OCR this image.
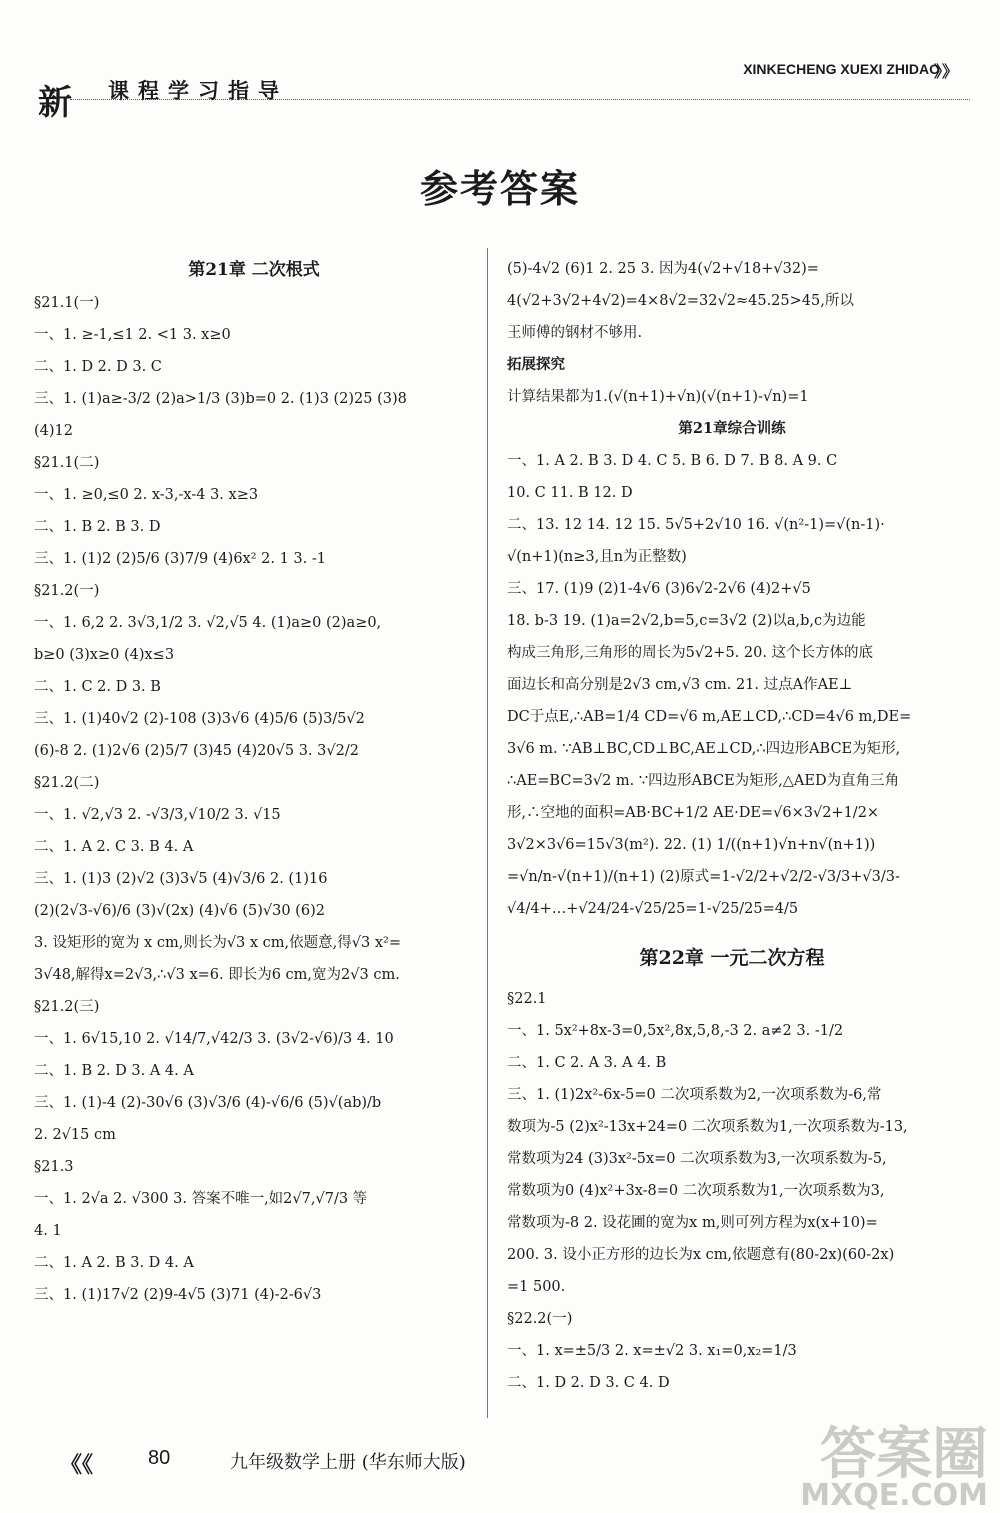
新 课程学习指导
XINKECHENG XUEXI ZHIDAO
》》
参考答案
第21章 二次根式
§21.1(一)
一、1. ≥-1,≤1 2. <1 3. x≥0
二、1. D 2. D 3. C
三、1. (1)a≥-3/2 (2)a>1/3 (3)b=0 2. (1)3 (2)25 (3)8
(4)12
§21.1(二)
一、1. ≥0,≤0 2. x-3,-x-4 3. x≥3
二、1. B 2. B 3. D
三、1. (1)2 (2)5/6 (3)7/9 (4)6x² 2. 1 3. -1
§21.2(一)
一、1. 6,2 2. 3√3,1/2 3. √2,√5 4. (1)a≥0 (2)a≥0,
b≥0 (3)x≥0 (4)x≤3
二、1. C 2. D 3. B
三、1. (1)40√2 (2)-108 (3)3√6 (4)5/6 (5)3/5√2
(6)-8 2. (1)2√6 (2)5/7 (3)45 (4)20√5 3. 3√2/2
§21.2(二)
一、1. √2,√3 2. -√3/3,√10/2 3. √15
二、1. A 2. C 3. B 4. A
三、1. (1)3 (2)√2 (3)3√5 (4)√3/6 2. (1)16
(2)(2√3-√6)/6 (3)√(2x) (4)√6 (5)√30 (6)2
3. 设矩形的宽为 x cm,则长为√3 x cm,依题意,得√3 x²=
3√48,解得x=2√3,∴√3 x=6. 即长为6 cm,宽为2√3 cm.
§21.2(三)
一、1. 6√15,10 2. √14/7,√42/3 3. (3√2-√6)/3 4. 10
二、1. B 2. D 3. A 4. A
三、1. (1)-4 (2)-30√6 (3)√3/6 (4)-√6/6 (5)√(ab)/b
2. 2√15 cm
§21.3
一、1. 2√a 2. √300 3. 答案不唯一,如2√7,√7/3 等
4. 1
二、1. A 2. B 3. D 4. A
三、1. (1)17√2 (2)9-4√5 (3)71 (4)-2-6√3
(5)-4√2 (6)1 2. 25 3. 因为4(√2+√18+√32)=
4(√2+3√2+4√2)=4×8√2=32√2≈45.25>45,所以
王师傅的钢材不够用.
拓展探究
计算结果都为1.(√(n+1)+√n)(√(n+1)-√n)=1
第21章综合训练
一、1. A 2. B 3. D 4. C 5. B 6. D 7. B 8. A 9. C
10. C 11. B 12. D
二、13. 12 14. 12 15. 5√5+2√10 16. √(n²-1)=√(n-1)·
√(n+1)(n≥3,且n为正整数)
三、17. (1)9 (2)1-4√6 (3)6√2-2√6 (4)2+√5
18. b-3 19. (1)a=2√2,b=5,c=3√2 (2)以a,b,c为边能
构成三角形,三角形的周长为5√2+5. 20. 这个长方体的底
面边长和高分别是2√3 cm,√3 cm. 21. 过点A作AE⊥
DC于点E,∴AB=1/4 CD=√6 m,AE⊥CD,∴CD=4√6 m,DE=
3√6 m. ∵AB⊥BC,CD⊥BC,AE⊥CD,∴四边形ABCE为矩形,
∴AE=BC=3√2 m. ∵四边形ABCE为矩形,△AED为直角三角
形,∴空地的面积=AB·BC+1/2 AE·DE=√6×3√2+1/2×
3√2×3√6=15√3(m²). 22. (1) 1/((n+1)√n+n√(n+1))
=√n/n-√(n+1)/(n+1) (2)原式=1-√2/2+√2/2-√3/3+√3/3-
√4/4+…+√24/24-√25/25=1-√25/25=4/5
第22章 一元二次方程
§22.1
一、1. 5x²+8x-3=0,5x²,8x,5,8,-3 2. a≠2 3. -1/2
二、1. C 2. A 3. A 4. B
三、1. (1)2x²-6x-5=0 二次项系数为2,一次项系数为-6,常
数项为-5 (2)x²-13x+24=0 二次项系数为1,一次项系数为-13,
常数项为24 (3)3x²-5x=0 二次项系数为3,一次项系数为-5,
常数项为0 (4)x²+3x-8=0 二次项系数为1,一次项系数为3,
常数项为-8 2. 设花圃的宽为x m,则可列方程为x(x+10)=
200. 3. 设小正方形的边长为x cm,依题意有(80-2x)(60-2x)
=1 500.
§22.2(一)
一、1. x=±5/3 2. x=±√2 3. x₁=0,x₂=1/3
二、1. D 2. D 3. C 4. D
《《	80	九年级数学上册 (华东师大版)	答案圈
MXQE.COM
